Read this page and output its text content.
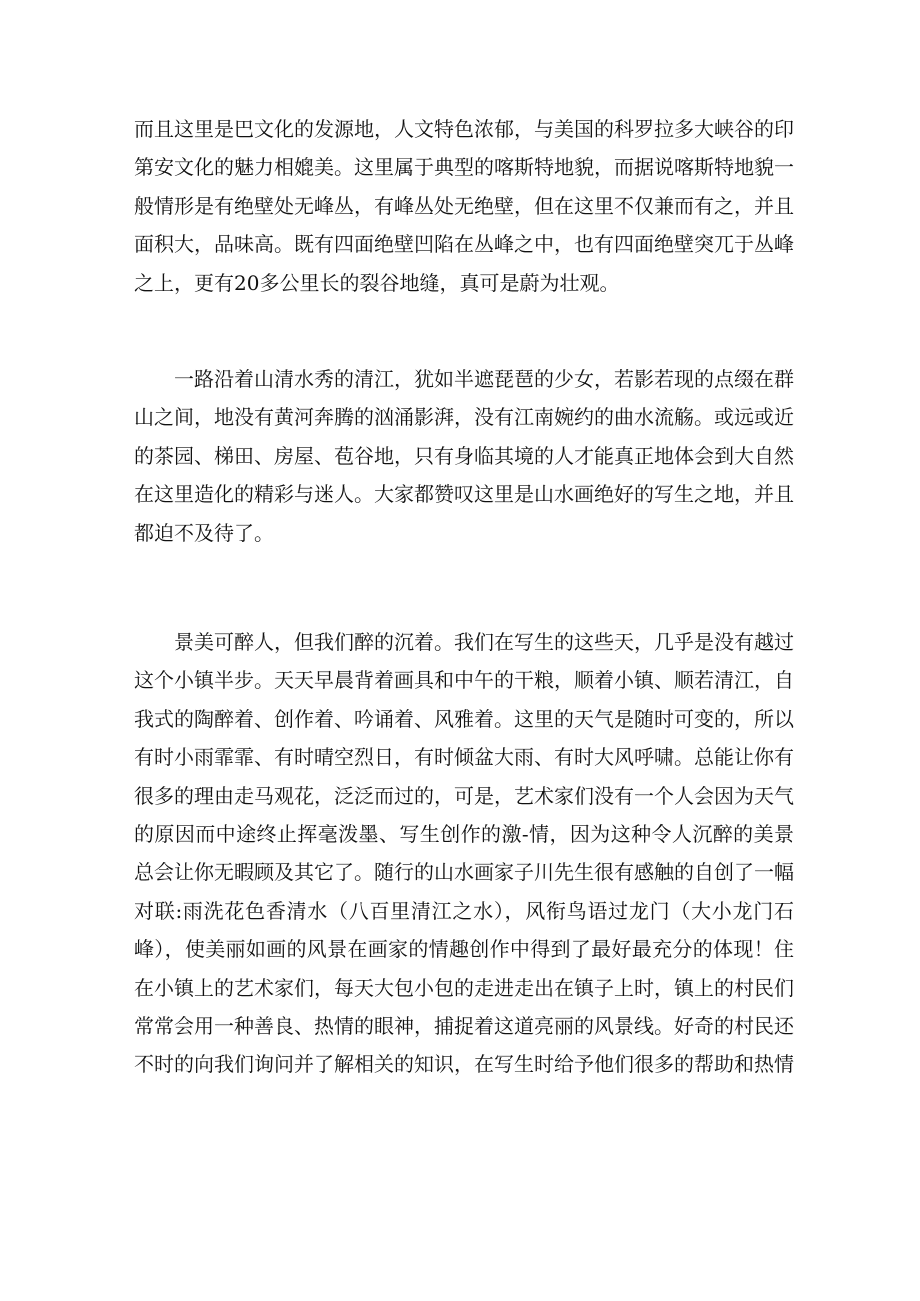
而且这里是巴文化的发源地，人文特色浓郁，与美国的科罗拉多大峡谷的印
第安文化的魅力相媲美。这里属于典型的喀斯特地貌，而据说喀斯特地貌一
般情形是有绝壁处无峰丛，有峰丛处无绝壁，但在这里不仅兼而有之，并且
面积大，品味高。既有四面绝壁凹陷在丛峰之中，也有四面绝壁突兀于丛峰
之上，更有20多公里长的裂谷地缝，真可是蔚为壮观。
一路沿着山清水秀的清江，犹如半遮琵琶的少女，若影若现的点缀在群
山之间，地没有黄河奔腾的汹涌影湃，没有江南婉约的曲水流觞。或远或近
的茶园、梯田、房屋、苞谷地，只有身临其境的人才能真正地体会到大自然
在这里造化的精彩与迷人。大家都赞叹这里是山水画绝好的写生之地，并且
都迫不及待了。
景美可醉人，但我们醉的沉着。我们在写生的这些天，几乎是没有越过
这个小镇半步。天天早晨背着画具和中午的干粮，顺着小镇、顺若清江，自
我式的陶醉着、创作着、吟诵着、风雅着。这里的天气是随时可变的，所以
有时小雨霏霏、有时晴空烈日，有时倾盆大雨、有时大风呼啸。总能让你有
很多的理由走马观花，泛泛而过的，可是，艺术家们没有一个人会因为天气
的原因而中途终止挥毫泼墨、写生创作的激-情，因为这种令人沉醉的美景
总会让你无暇顾及其它了。随行的山水画家子川先生很有感触的自创了一幅
对联:雨洗花色香清水（八百里清江之水），风衔鸟语过龙门（大小龙门石
峰），使美丽如画的风景在画家的情趣创作中得到了最好最充分的体现！住
在小镇上的艺术家们，每天大包小包的走进走出在镇子上时，镇上的村民们
常常会用一种善良、热情的眼神，捕捉着这道亮丽的风景线。好奇的村民还
不时的向我们询问并了解相关的知识，在写生时给予他们很多的帮助和热情
